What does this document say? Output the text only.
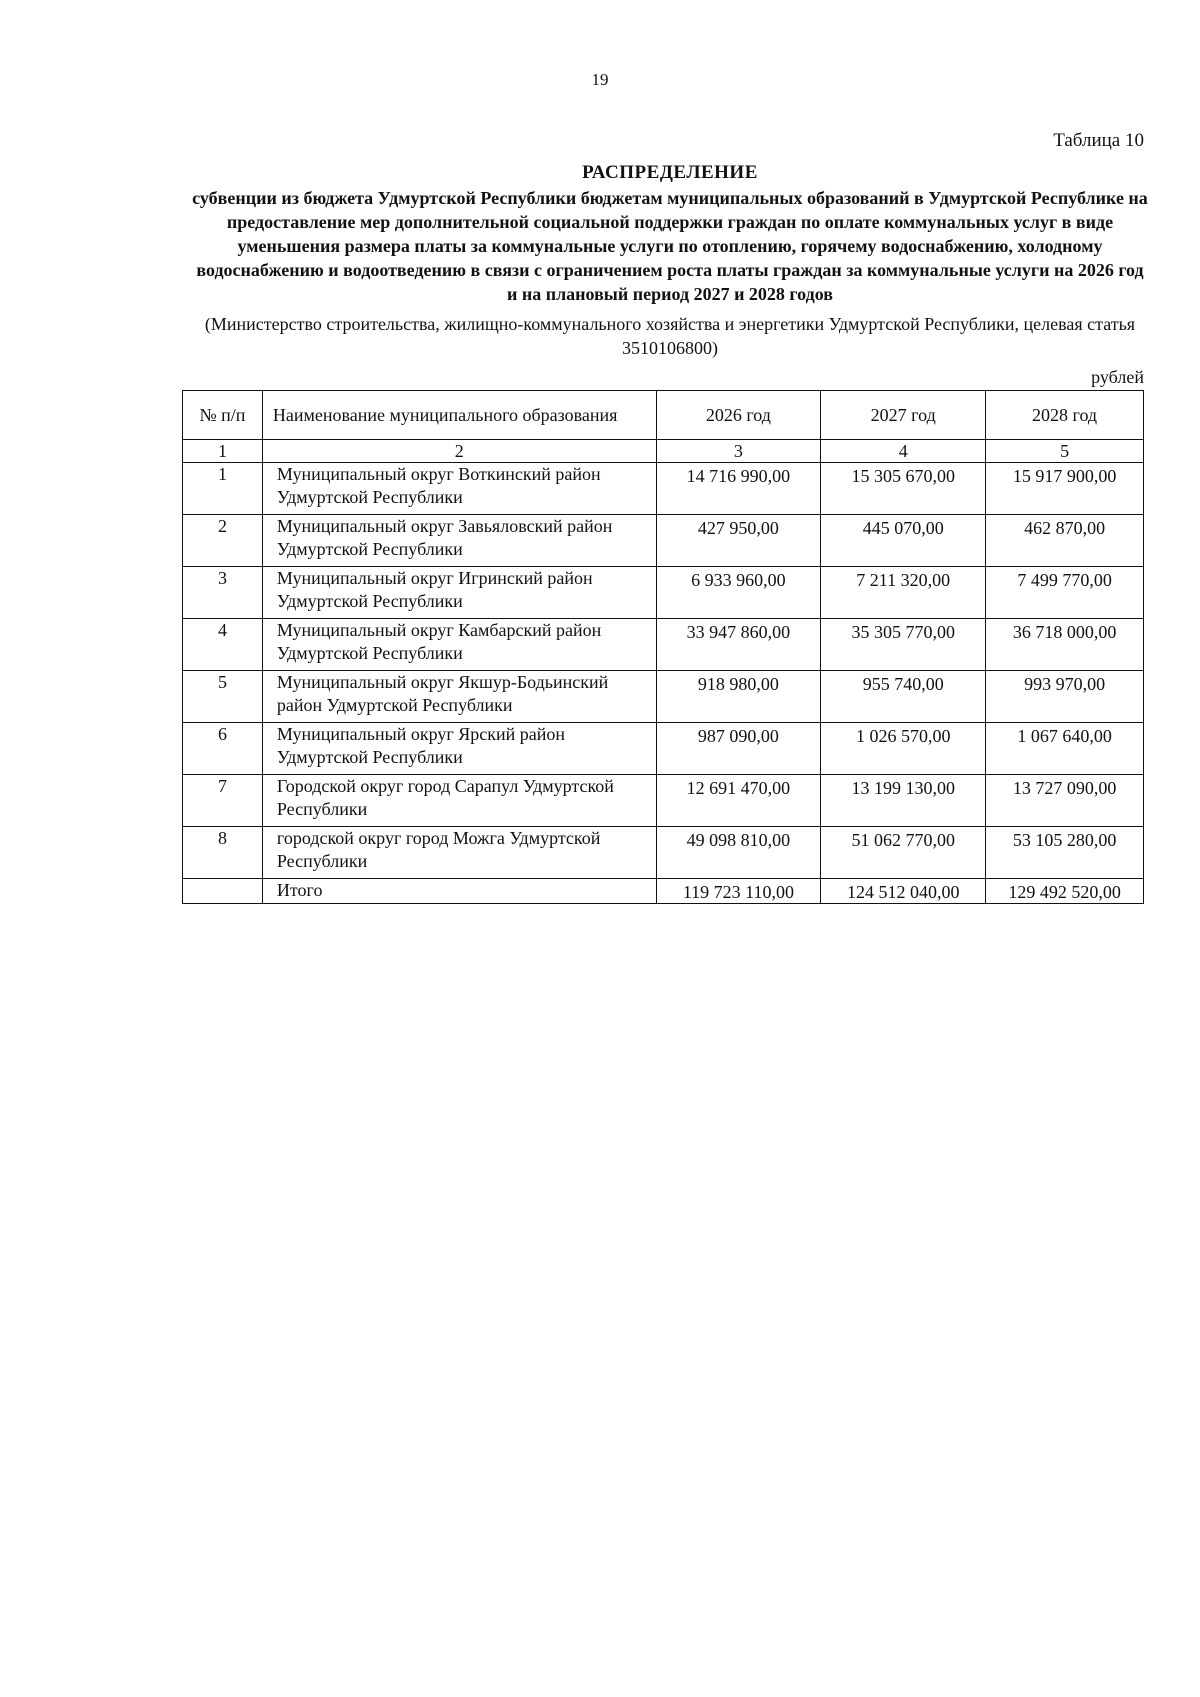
19
Таблица 10
РАСПРЕДЕЛЕНИЕ
субвенции из бюджета Удмуртской Республики бюджетам муниципальных образований в Удмуртской Республике на предоставление мер дополнительной социальной поддержки граждан по оплате коммунальных услуг в виде уменьшения размера платы за коммунальные услуги по отоплению, горячему водоснабжению, холодному водоснабжению и водоотведению в связи с ограничением роста платы граждан за коммунальные услуги на 2026 год и на плановый период 2027 и 2028 годов
(Министерство строительства, жилищно-коммунального хозяйства и энергетики Удмуртской Республики, целевая статья 3510106800)
рублей
№ п/п	Наименование муниципального образования	2026 год	2027 год	2028 год
1	2	3	4	5
1	Муниципальный округ Воткинский район Удмуртской Республики	14 716 990,00	15 305 670,00	15 917 900,00
2	Муниципальный округ Завьяловский район Удмуртской Республики	427 950,00	445 070,00	462 870,00
3	Муниципальный округ Игринский район Удмуртской Республики	6 933 960,00	7 211 320,00	7 499 770,00
4	Муниципальный округ Камбарский район Удмуртской Республики	33 947 860,00	35 305 770,00	36 718 000,00
5	Муниципальный округ Якшур-Бодьинский район Удмуртской Республики	918 980,00	955 740,00	993 970,00
6	Муниципальный округ Ярский район Удмуртской Республики	987 090,00	1 026 570,00	1 067 640,00
7	Городской округ город Сарапул Удмуртской Республики	12 691 470,00	13 199 130,00	13 727 090,00
8	городской округ город Можга Удмуртской Республики	49 098 810,00	51 062 770,00	53 105 280,00
	Итого	119 723 110,00	124 512 040,00	129 492 520,00
